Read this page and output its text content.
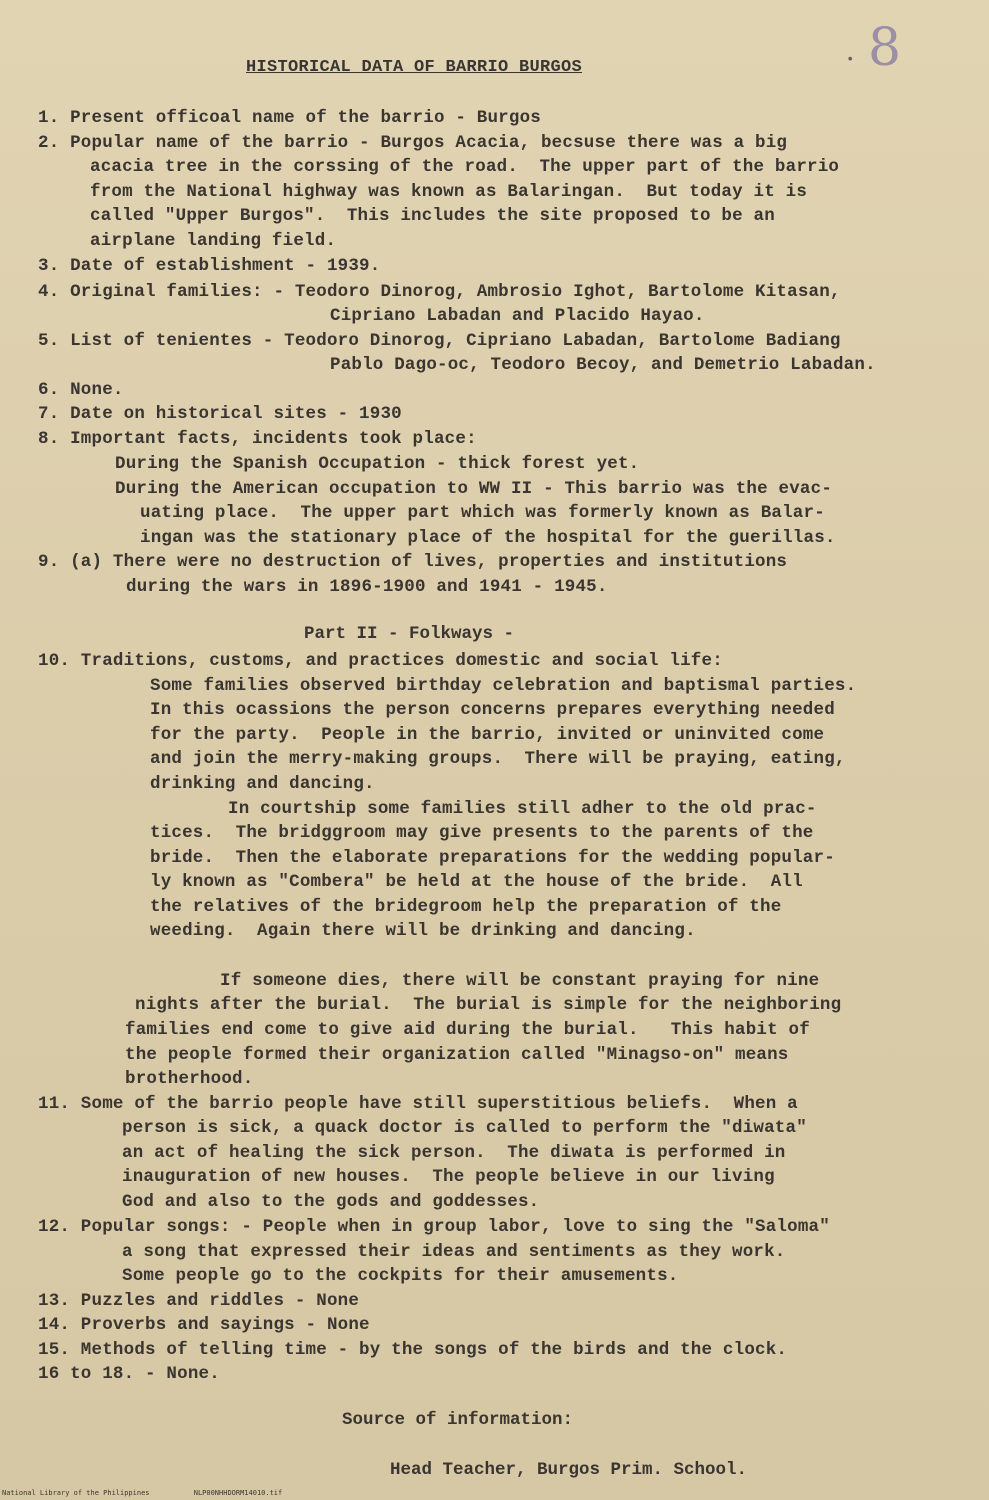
8
•
HISTORICAL DATA OF BARRIO BURGOS
1. Present officoal name of the barrio - Burgos
2. Popular name of the barrio - Burgos Acacia, becsuse there was a big
acacia tree in the corssing of the road.  The upper part of the barrio
from the National highway was known as Balaringan.  But today it is
called "Upper Burgos".  This includes the site proposed to be an
airplane landing field.
3. Date of establishment - 1939.
4. Original families: - Teodoro Dinorog, Ambrosio Ighot, Bartolome Kitasan,
Cipriano Labadan and Placido Hayao.
5. List of tenientes - Teodoro Dinorog, Cipriano Labadan, Bartolome Badiang
Pablo Dago-oc, Teodoro Becoy, and Demetrio Labadan.
6. None.
7. Date on historical sites - 1930
8. Important facts, incidents took place:
During the Spanish Occupation - thick forest yet.
During the American occupation to WW II - This barrio was the evac-
uating place.  The upper part which was formerly known as Balar-
ingan was the stationary place of the hospital for the guerillas.
9. (a) There were no destruction of lives, properties and institutions
during the wars in 1896-1900 and 1941 - 1945.
Part II - Folkways -
10. Traditions, customs, and practices domestic and social life:
Some families observed birthday celebration and baptismal parties.
In this ocassions the person concerns prepares everything needed
for the party.  People in the barrio, invited or uninvited come
and join the merry-making groups.  There will be praying, eating,
drinking and dancing.
In courtship some families still adher to the old prac-
tices.  The bridggroom may give presents to the parents of the
bride.  Then the elaborate preparations for the wedding popular-
ly known as "Combera" be held at the house of the bride.  All
the relatives of the bridegroom help the preparation of the
weeding.  Again there will be drinking and dancing.
If someone dies, there will be constant praying for nine
nights after the burial.  The burial is simple for the neighboring
families end come to give aid during the burial.   This habit of
the people formed their organization called "Minagso-on" means
brotherhood.
11. Some of the barrio people have still superstitious beliefs.  When a
person is sick, a quack doctor is called to perform the "diwata"
an act of healing the sick person.  The diwata is performed in
inauguration of new houses.  The people believe in our living
God and also to the gods and goddesses.
12. Popular songs: - People when in group labor, love to sing the "Saloma"
a song that expressed their ideas and sentiments as they work.
Some people go to the cockpits for their amusements.
13. Puzzles and riddles - None
14. Proverbs and sayings - None
15. Methods of telling time - by the songs of the birds and the clock.
16 to 18. - None.
Source of information:
Head Teacher, Burgos Prim. School.
National Library of the Philippines	NLP00NHHDORM14010.tif
